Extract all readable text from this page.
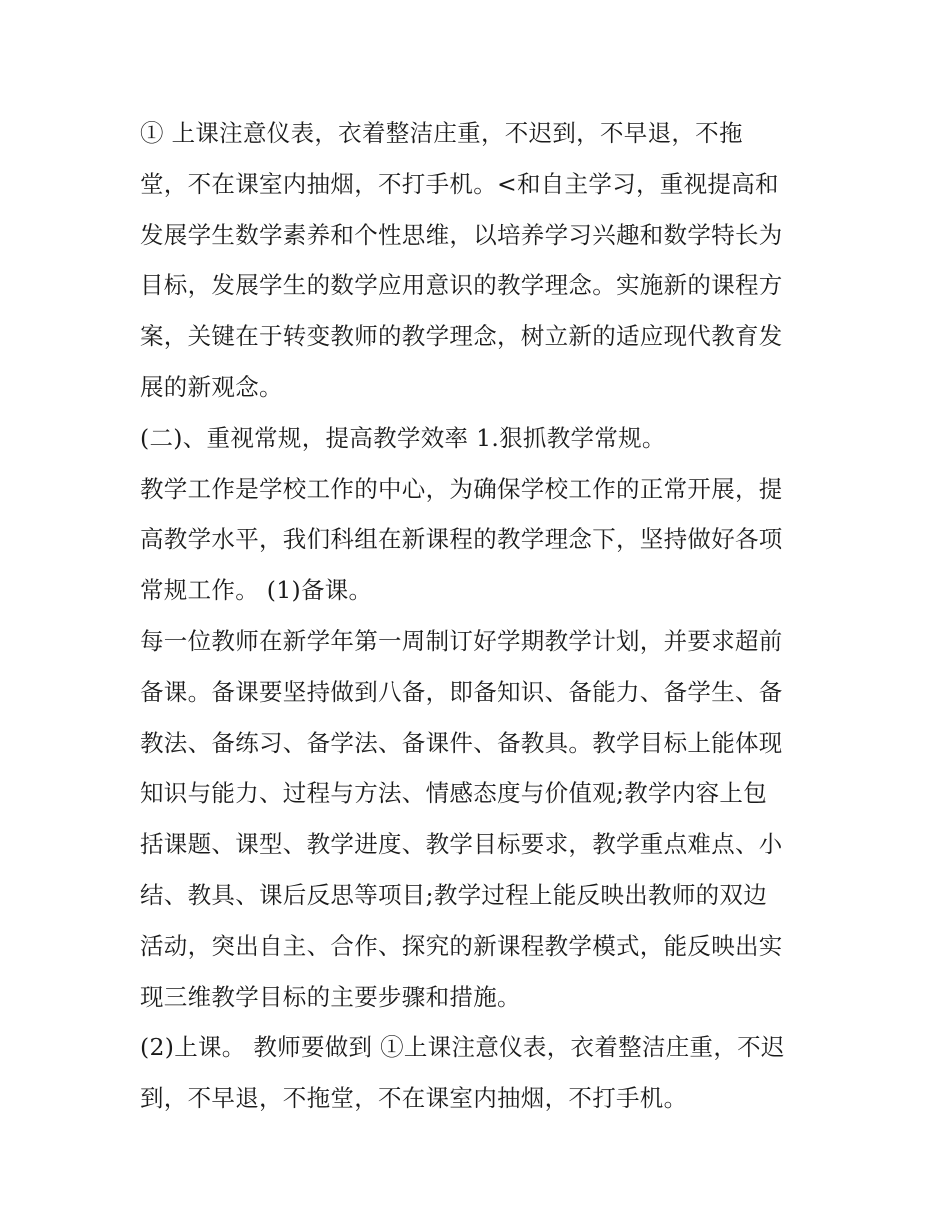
① 上课注意仪表，衣着整洁庄重，不迟到，不早退，不拖
堂，不在课室内抽烟，不打手机。<和自主学习，重视提高和
发展学生数学素养和个性思维，以培养学习兴趣和数学特长为
目标，发展学生的数学应用意识的教学理念。实施新的课程方
案，关键在于转变教师的教学理念，树立新的适应现代教育发
展的新观念。

(二)、重视常规，提高教学效率 1.狠抓教学常规。

教学工作是学校工作的中心，为确保学校工作的正常开展，提
高教学水平，我们科组在新课程的教学理念下，坚持做好各项
常规工作。 (1)备课。

每一位教师在新学年第一周制订好学期教学计划，并要求超前
备课。备课要坚持做到八备，即备知识、备能力、备学生、备
教法、备练习、备学法、备课件、备教具。教学目标上能体现
知识与能力、过程与方法、情感态度与价值观;教学内容上包
括课题、课型、教学进度、教学目标要求，教学重点难点、小
结、教具、课后反思等项目;教学过程上能反映出教师的双边
活动，突出自主、合作、探究的新课程教学模式，能反映出实
现三维教学目标的主要步骤和措施。

(2)上课。 教师要做到 ①上课注意仪表，衣着整洁庄重，不迟
到，不早退，不拖堂，不在课室内抽烟，不打手机。
